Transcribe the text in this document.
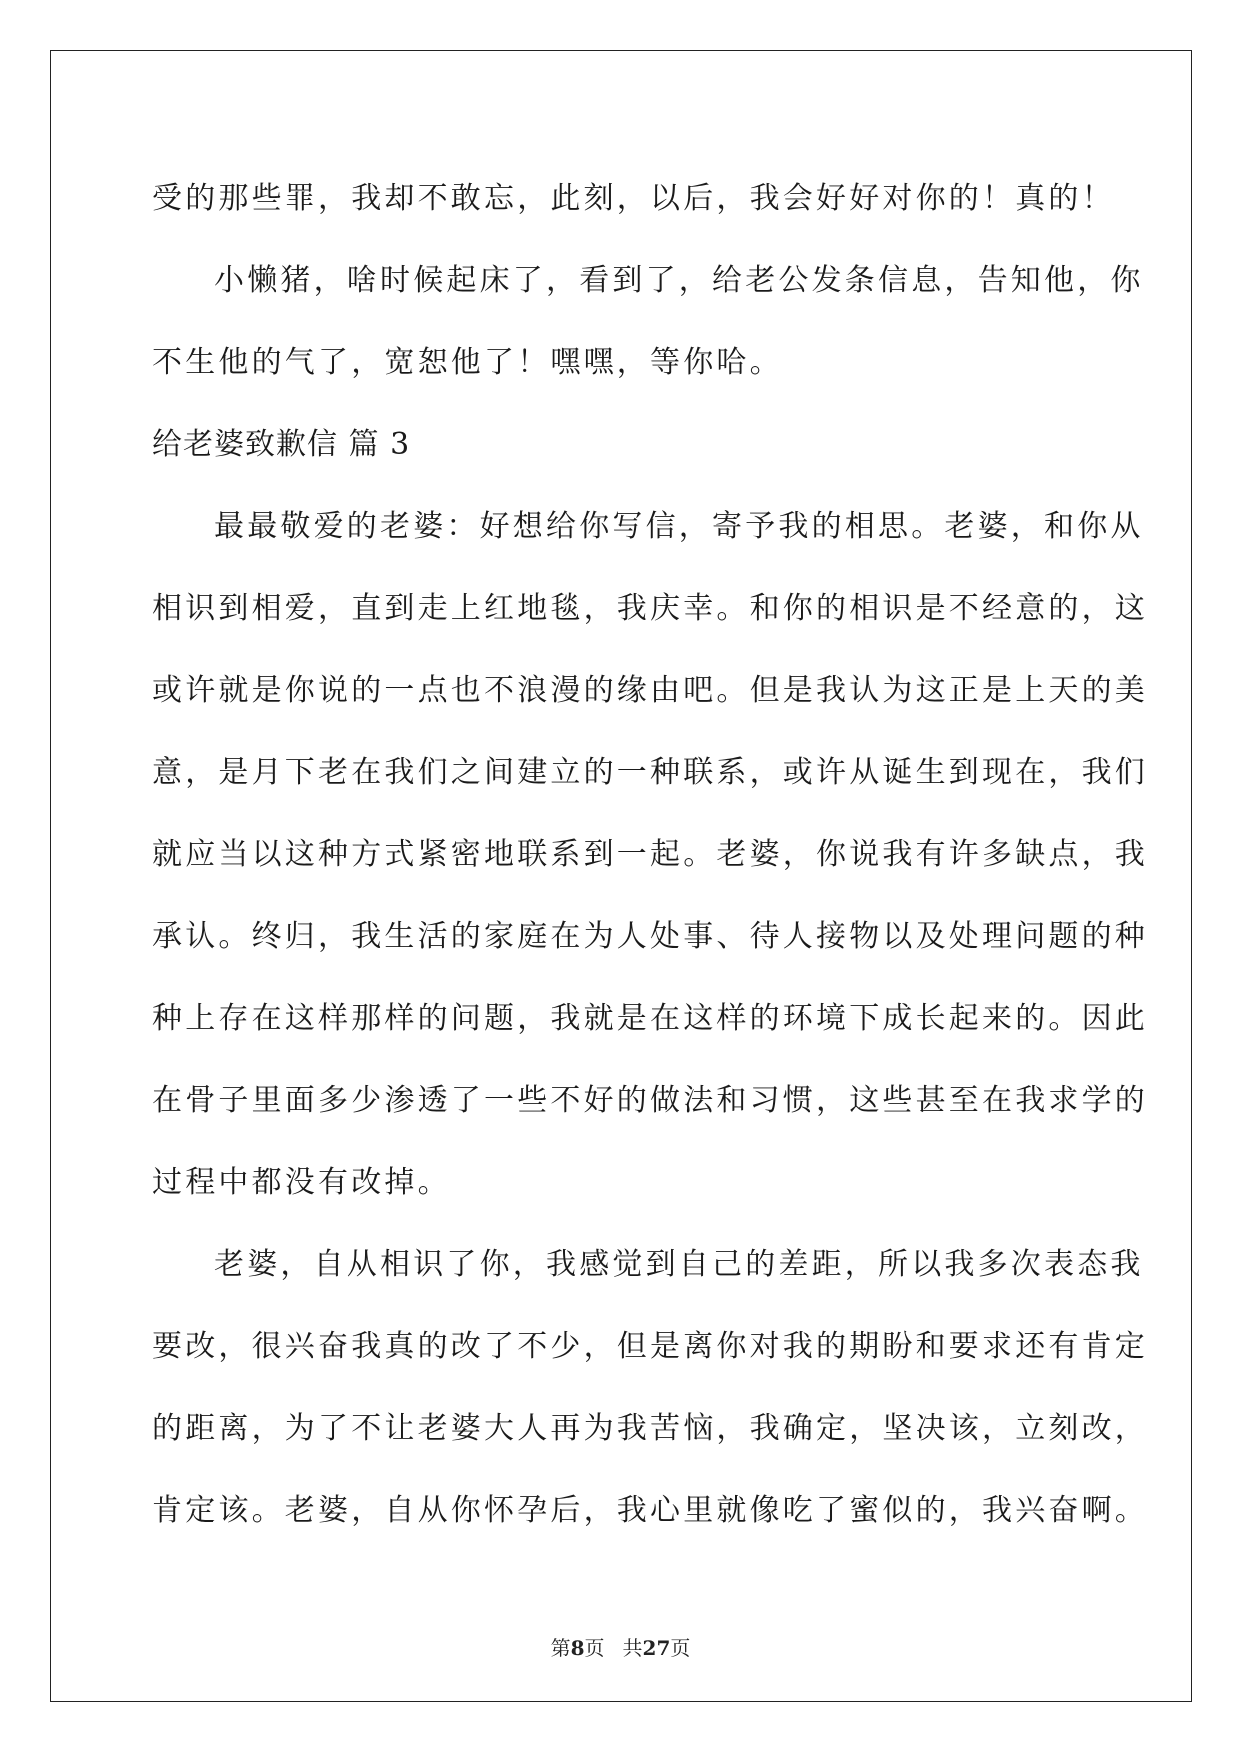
受的那些罪，我却不敢忘，此刻，以后，我会好好对你的！真的！
小懒猪，啥时候起床了，看到了，给老公发条信息，告知他，你
不生他的气了，宽恕他了！嘿嘿，等你哈。
给老婆致歉信 篇 3
最最敬爱的老婆：好想给你写信，寄予我的相思。老婆，和你从
相识到相爱，直到走上红地毯，我庆幸。和你的相识是不经意的，这
或许就是你说的一点也不浪漫的缘由吧。但是我认为这正是上天的美
意，是月下老在我们之间建立的一种联系，或许从诞生到现在，我们
就应当以这种方式紧密地联系到一起。老婆，你说我有许多缺点，我
承认。终归，我生活的家庭在为人处事、待人接物以及处理问题的种
种上存在这样那样的问题，我就是在这样的环境下成长起来的。因此
在骨子里面多少渗透了一些不好的做法和习惯，这些甚至在我求学的
过程中都没有改掉。
老婆，自从相识了你，我感觉到自己的差距，所以我多次表态我
要改，很兴奋我真的改了不少，但是离你对我的期盼和要求还有肯定
的距离，为了不让老婆大人再为我苦恼，我确定，坚决该，立刻改，
肯定该。老婆，自从你怀孕后，我心里就像吃了蜜似的，我兴奋啊。
第8页 共27页
